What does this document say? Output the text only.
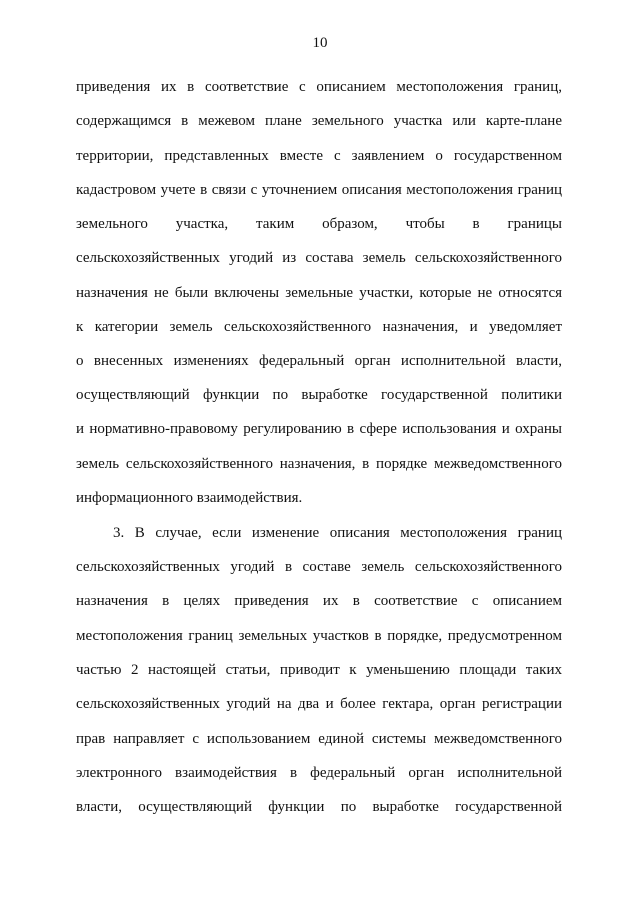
10
приведения их в соответствие с описанием местоположения границ,
содержащимся в межевом плане земельного участка или карте-плане
территории, представленных вместе с заявлением о государственном
кадастровом учете в связи с уточнением описания местоположения границ
земельного участка, таким образом, чтобы в границы
сельскохозяйственных угодий из состава земель сельскохозяйственного
назначения не были включены земельные участки, которые не относятся
к категории земель сельскохозяйственного назначения, и уведомляет
о внесенных изменениях федеральный орган исполнительной власти,
осуществляющий функции по выработке государственной политики
и нормативно-правовому регулированию в сфере использования и охраны
земель сельскохозяйственного назначения, в порядке межведомственного
информационного взаимодействия.
3. В случае, если изменение описания местоположения границ
сельскохозяйственных угодий в составе земель сельскохозяйственного
назначения в целях приведения их в соответствие с описанием
местоположения границ земельных участков в порядке, предусмотренном
частью 2 настоящей статьи, приводит к уменьшению площади таких
сельскохозяйственных угодий на два и более гектара, орган регистрации
прав направляет с использованием единой системы межведомственного
электронного взаимодействия в федеральный орган исполнительной
власти, осуществляющий функции по выработке государственной
